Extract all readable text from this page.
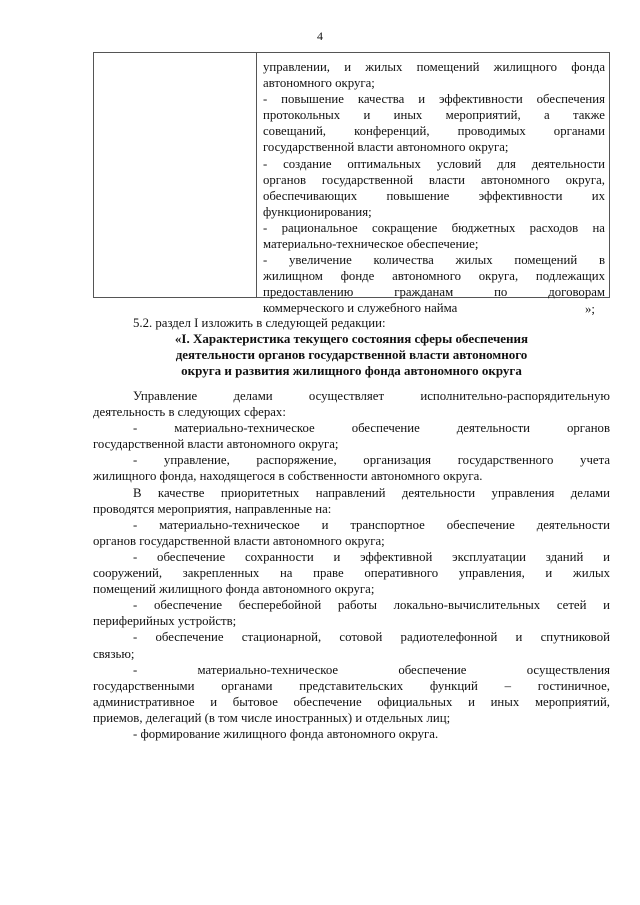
4
управлении, и жилых помещений жилищного фонда
автономного округа;
- повышение качества и эффективности обеспечения
протокольных и иных мероприятий, а также
совещаний, конференций, проводимых органами
государственной власти автономного округа;
- создание оптимальных условий для деятельности
органов государственной власти автономного округа,
обеспечивающих повышение эффективности их
функционирования;
- рациональное сокращение бюджетных расходов на
материально-техническое обеспечение;
- увеличение количества жилых помещений в
жилищном фонде автономного округа, подлежащих
предоставлению гражданам по договорам
коммерческого и служебного найма	»;
5.2. раздел I изложить в следующей редакции:
«I. Характеристика текущего состояния сферы обеспечения
деятельности органов государственной власти автономного
округа и развития жилищного фонда автономного округа
Управление делами осуществляет исполнительно-распорядительную
деятельность в следующих сферах:
- материально-техническое обеспечение деятельности органов
государственной власти автономного округа;
- управление, распоряжение, организация государственного учета
жилищного фонда, находящегося в собственности автономного округа.
В качестве приоритетных направлений деятельности управления делами
проводятся мероприятия, направленные на:
- материально-техническое и транспортное обеспечение деятельности
органов государственной власти автономного округа;
- обеспечение сохранности и эффективной эксплуатации зданий и
сооружений, закрепленных на праве оперативного управления, и жилых
помещений жилищного фонда автономного округа;
- обеспечение бесперебойной работы локально-вычислительных сетей и
периферийных устройств;
- обеспечение стационарной, сотовой радиотелефонной и спутниковой
связью;
- материально-техническое обеспечение осуществления
государственными органами представительских функций – гостиничное,
административное и бытовое обеспечение официальных и иных мероприятий,
приемов, делегаций (в том числе иностранных) и отдельных лиц;
- формирование жилищного фонда автономного округа.
